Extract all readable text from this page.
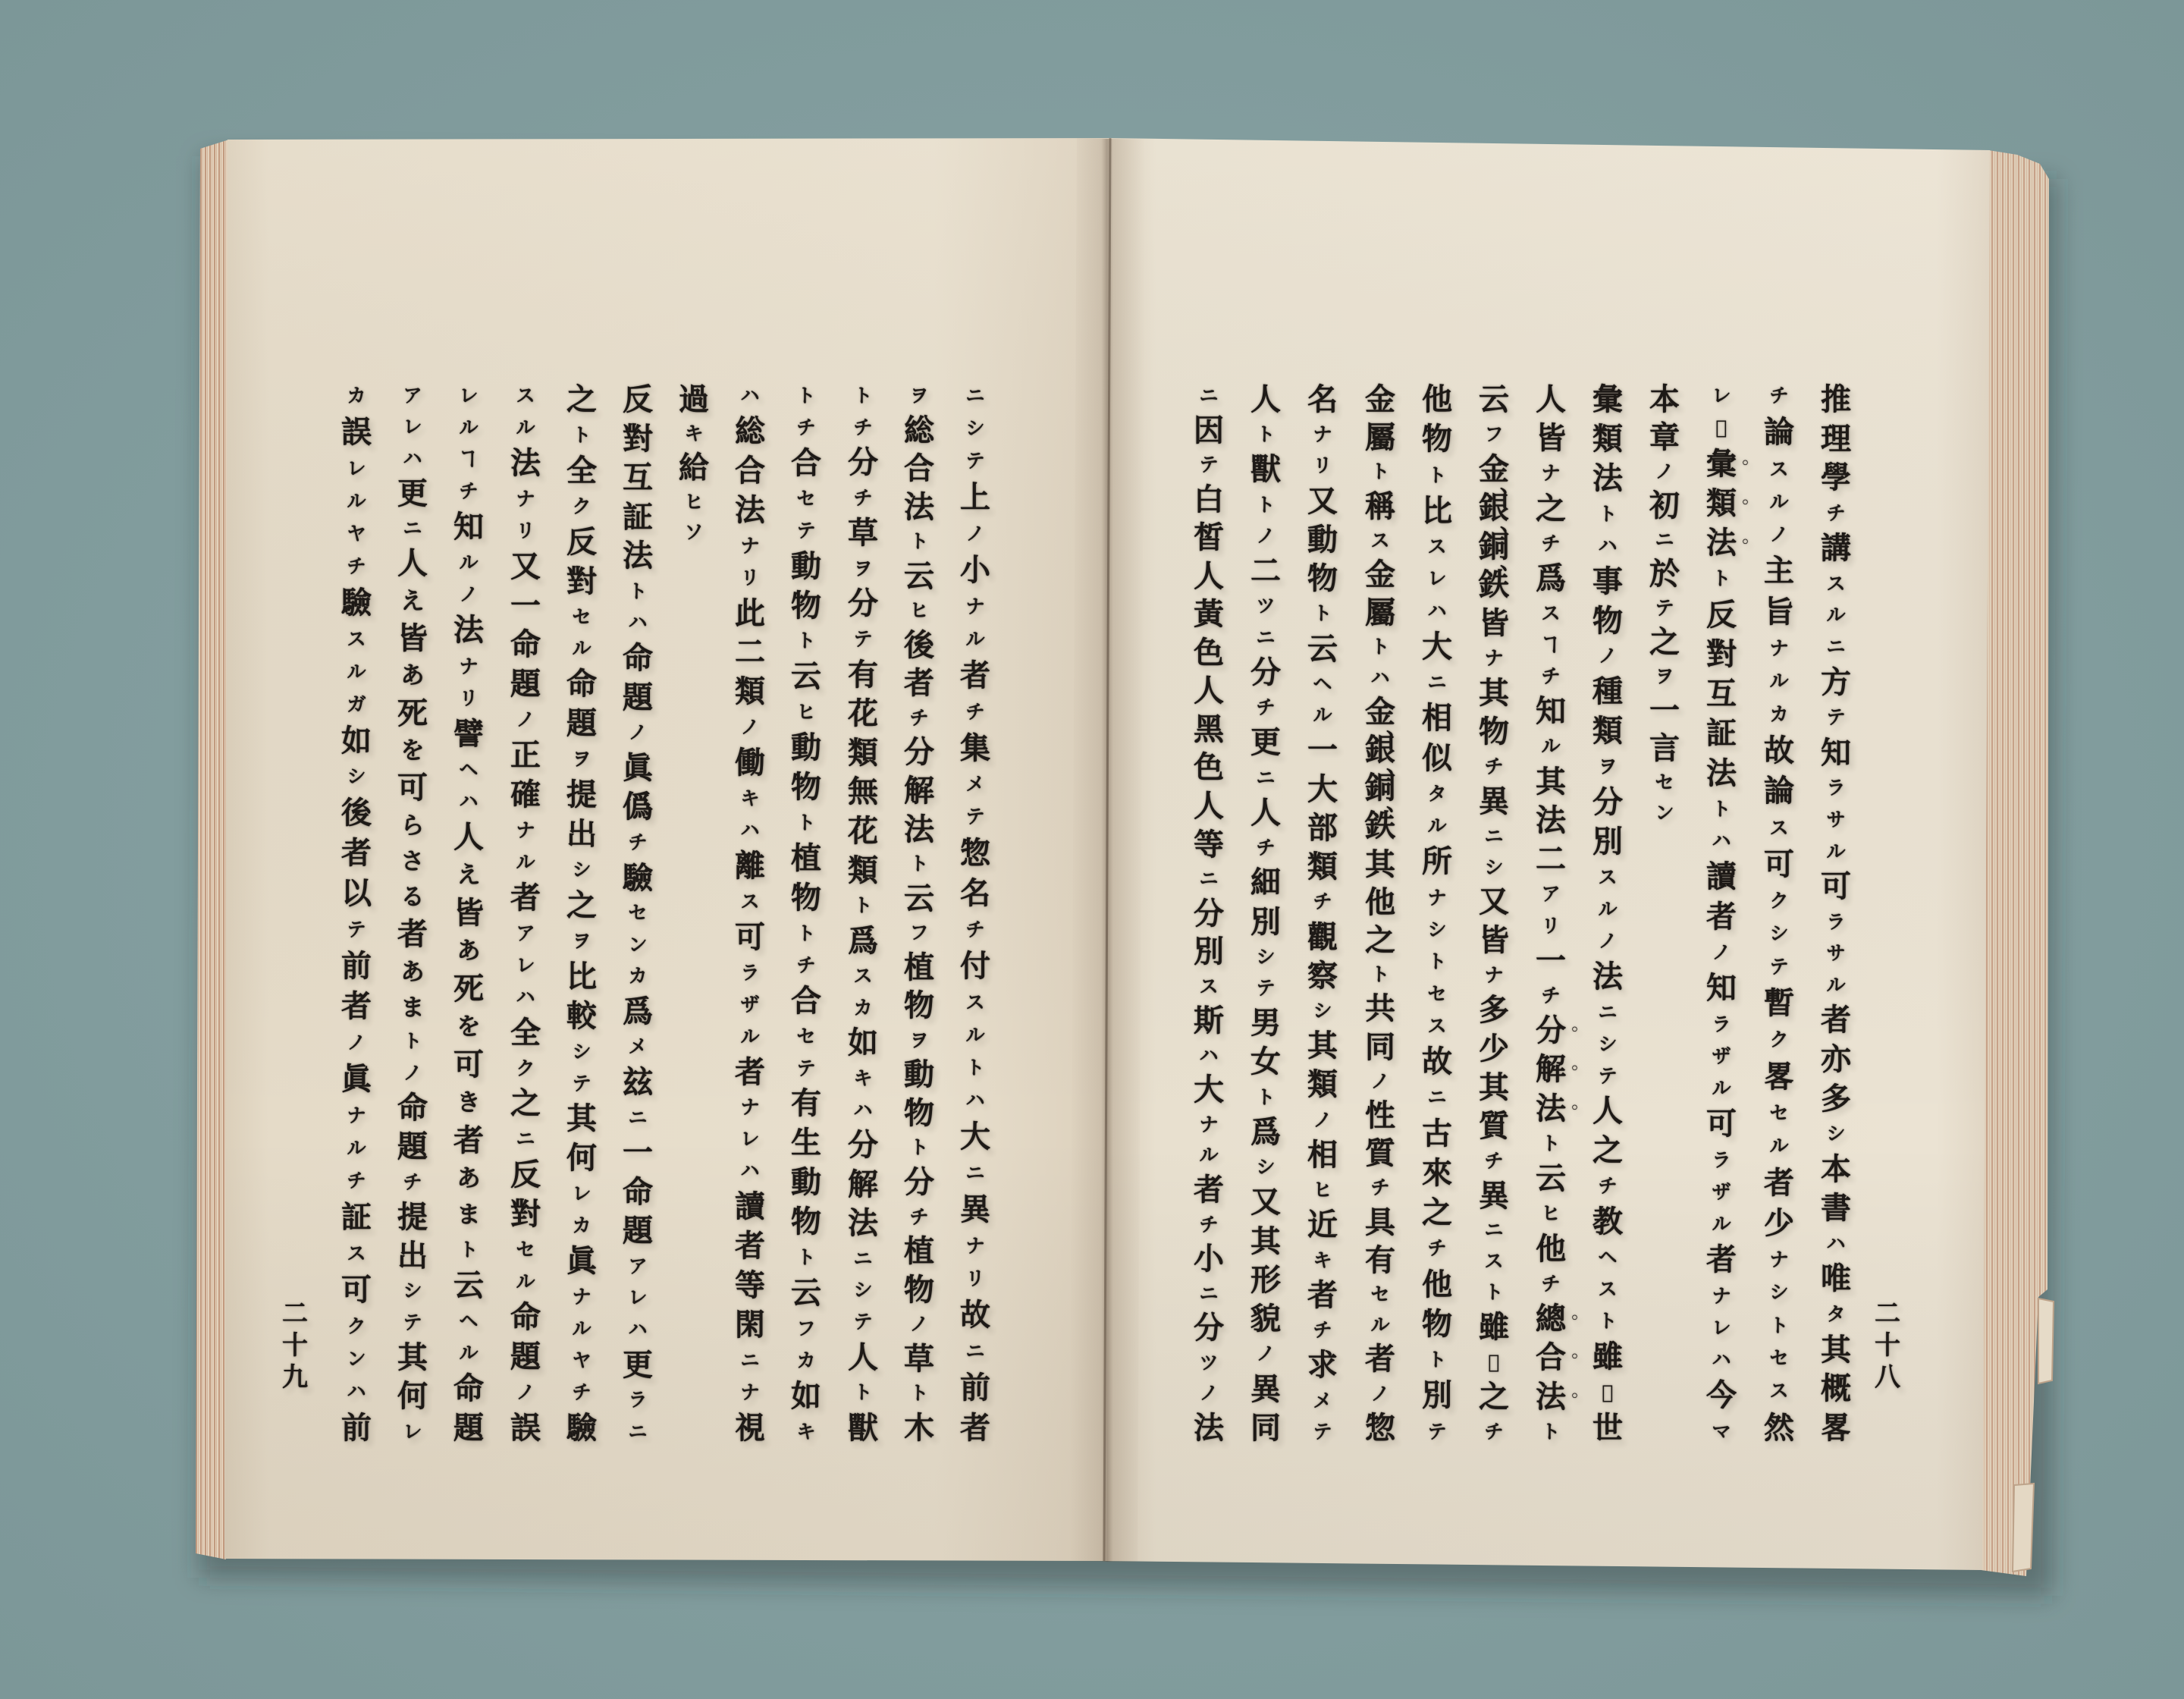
推
理
學
チ
講
ス
ル
ニ
方
テ
知
ラ
サ
ル
可
ラ
サ
ル
者
亦
多
シ
本
書
ハ
唯
タ
其
概
畧
チ
論
ス
ル
ノ
主
旨
ナ
ル
カ
故
論
ス
可
ク
シ
テ
暫
ク
畧
セ
ル
者
少
ナ
シ
ト
セ
ス
然
レ
𪜈
彙 ◦
類 ◦
法 ◦
ト
反
對
互
証
法
ト
ハ
讀
者
ノ
知
ラ
ザ
ル
可
ラ
ザ
ル
者
ナ
レ
ハ
今
マ
本
章
ノ
初
ニ
於
テ
之
ヲ
一
言
セ
ン
彙
類
法
ト
ハ
事
物
ノ
種
類
ヲ
分
別
ス
ル
ノ
法
ニ
シ
テ
人
之
チ
教
ヘ
ス
ト
雖
𪜈
世
人
皆
ナ
之
チ
爲
ス
ヿ
チ
知
ル
其
法
二
ア
リ
一
チ
分 ◦
解 ◦
法 ◦
ト
云
ヒ
他
チ
總 ◦
合 ◦
法 ◦
ト
云
フ
金
、
銀
、
銅
、
鉄
皆
ナ
其
物
チ
異
ニ
シ
又
皆
ナ
多
少
其
質
チ
異
ニ
ス
ト
雖
𪜈
之
チ
他
物
ト
比
ス
レ
ハ
大
ニ
相
似
タ
ル
所
ナ
シ
ト
セ
ス
故
ニ
古
來
之
チ
他
物
ト
別
テ
金
屬
ト
稱
ス
金
屬
ト
ハ
金
、
銀
、
銅
、
鉄
其
他
之
ト
共
同
ノ
性
質
チ
具
有
セ
ル
者
ノ
惣
名
ナ
リ
又
動
物
ト
云
ヘ
ル
一
大
部
類
チ
觀
察
シ
其
類
ノ
相
ヒ
近
キ
者
チ
求
メ
テ
人
ト
獸
ト
ノ
二
ツ
ニ
分
チ
更
ニ
人
チ
細
別
シ
テ
男
女
ト
爲
シ
又
其
形
貌
ノ
異
同
ニ
因
テ
白
皙
人
黃
色
人
黑
色
人
等
ニ
分
別
ス
斯
ハ
大
ナ
ル
者
チ
小
ニ
分
ツ
ノ
法
二
十
八
ニ
シ
テ
上
ノ
小
ナ
ル
者
チ
集
メ
テ
惣
名
チ
付
ス
ル
ト
ハ
大
ニ
異
ナ
リ
故
ニ
前
者
ヲ
総
合
法
ト
云
ヒ
後
者
チ
分
解
法
ト
云
フ
植
物
ヲ
動
物
ト
分
チ
植
物
ノ
草
ト
木
ト
チ
分
チ
草
ヲ
分
テ
有
花
類
無
花
類
ト
爲
ス
カ
如
キ
ハ
分
解
法
ニ
シ
テ
人
ト
獸
ト
チ
合
セ
テ
動
物
ト
云
ヒ
動
物
ト
植
物
ト
チ
合
セ
テ
有
生
動
物
ト
云
フ
カ
如
キ
ハ
総
合
法
ナ
リ
此
二
類
ノ
働
キ
ハ
離
ス
可
ラ
ザ
ル
者
ナ
レ
ハ
讀
者
等
閑
ニ
ナ
視
過
キ
給
ヒ
ソ
反
對
互
証
法
ト
ハ
命
題
ノ
眞
僞
チ
驗
セ
ン
カ
爲
メ
玆
ニ
一
命
題
ア
レ
ハ
更
ラ
ニ
之
ト
全
ク
反
對
セ
ル
命
題
ヲ
提
出
シ
之
ヲ
比
較
シ
テ
其
何
レ
カ
眞
ナ
ル
ヤ
チ
驗
ス
ル
法
ナ
リ
又
一
命
題
ノ
正
確
ナ
ル
者
ア
レ
ハ
全
ク
之
ニ
反
對
セ
ル
命
題
ノ
誤
レ
ル
ヿ
チ
知
ル
ノ
法
ナ
リ
譬
ヘ
ハ
人
え
皆
あ
死
を
可
き
者
あ
ま
ト
云
ヘ
ル
命
題
ア
レ
ハ
更
ニ
人
え
皆
あ
死
を
可
ら
さ
る
者
あ
ま
ト
ノ
命
題
チ
提
出
シ
テ
其
何
レ
カ
誤
レ
ル
ヤ
チ
驗
ス
ル
ガ
如
シ
後
者
以
テ
前
者
ノ
眞
ナ
ル
チ
証
ス
可
ク
ン
ハ
前
二
十
九
